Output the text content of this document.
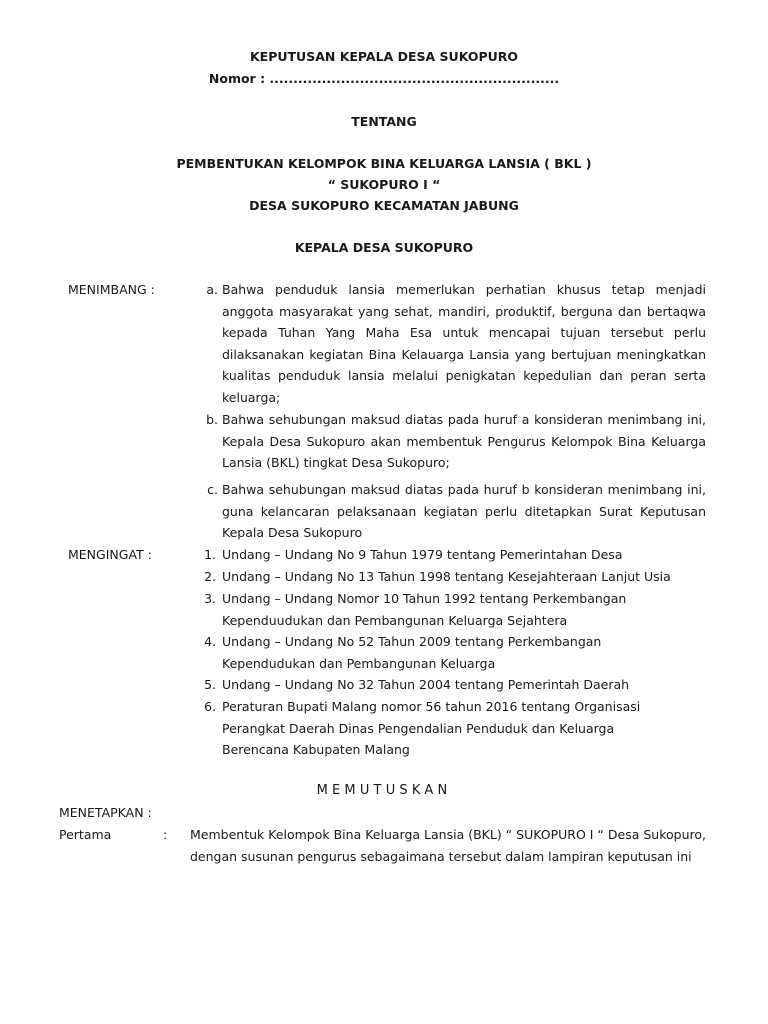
KEPUTUSAN KEPALA DESA SUKOPURO
Nomor : .............................................................
TENTANG
PEMBENTUKAN KELOMPOK BINA KELUARGA LANSIA ( BKL )
“ SUKOPURO I “
DESA SUKOPURO KECAMATAN JABUNG
KEPALA DESA SUKOPURO
MENIMBANG :	a. Bahwa penduduk lansia memerlukan perhatian khusus tetap menjadi anggota masyarakat yang sehat, mandiri, produktif, berguna dan bertaqwa kepada Tuhan Yang Maha Esa untuk mencapai tujuan tersebut perlu dilaksanakan kegiatan Bina Kelauarga Lansia yang bertujuan meningkatkan kualitas penduduk lansia melalui penigkatan kepedulian dan peran serta keluarga;
b. Bahwa sehubungan maksud diatas pada huruf a konsideran menimbang ini, Kepala Desa Sukopuro akan membentuk Pengurus Kelompok Bina Keluarga Lansia (BKL) tingkat Desa Sukopuro;
c. Bahwa sehubungan maksud diatas pada huruf b konsideran menimbang ini, guna kelancaran pelaksanaan kegiatan perlu ditetapkan Surat Keputusan Kepala Desa Sukopuro
MENGINGAT :	1. Undang – Undang No 9 Tahun 1979 tentang Pemerintahan Desa
2. Undang – Undang No 13 Tahun 1998 tentang Kesejahteraan Lanjut Usia
3. Undang – Undang Nomor 10 Tahun 1992 tentang Perkembangan Kependuudukan dan Pembangunan Keluarga Sejahtera
4. Undang – Undang No 52 Tahun 2009 tentang Perkembangan Kependudukan dan Pembangunan Keluarga
5. Undang – Undang No 32 Tahun 2004 tentang Pemerintah Daerah
6. Peraturan Bupati Malang nomor 56 tahun 2016 tentang Organisasi Perangkat Daerah Dinas Pengendalian Penduduk dan Keluarga Berencana Kabupaten Malang
MEMUTUSKAN
MENETAPKAN :
Pertama	: Membentuk Kelompok Bina Keluarga Lansia (BKL) “ SUKOPURO I “ Desa Sukopuro, dengan susunan pengurus sebagaimana tersebut dalam lampiran keputusan ini
